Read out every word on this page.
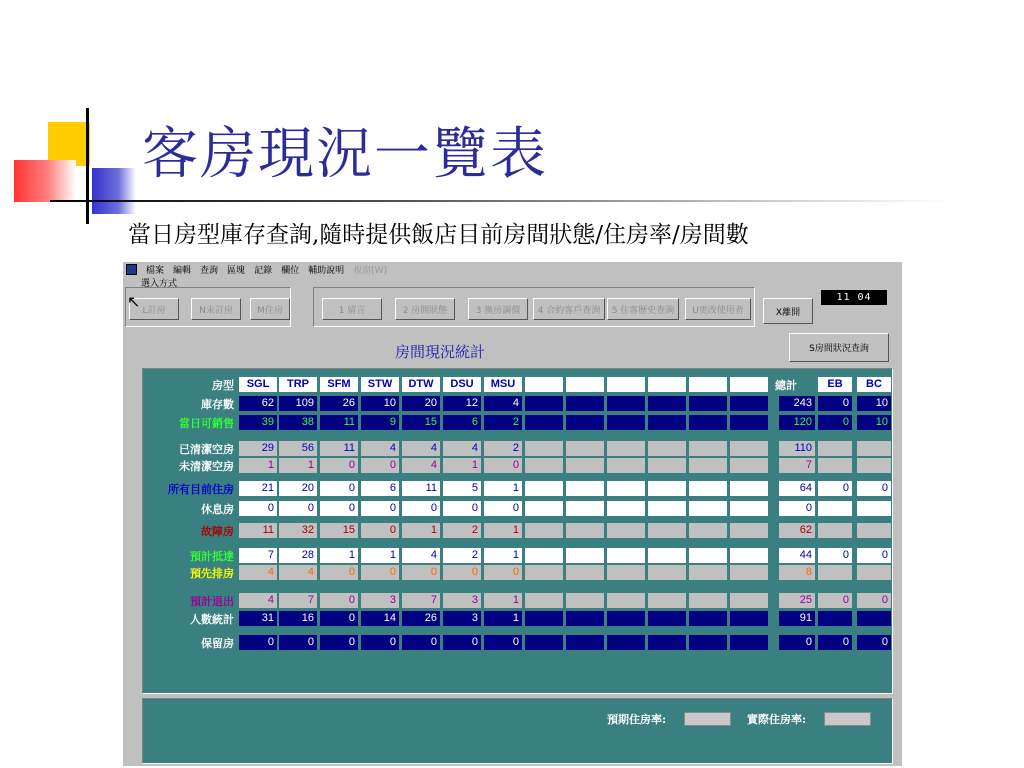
客房現況一覽表
當日房型庫存查詢,隨時提供飯店目前房間狀態/住房率/房間數
檔案 編輯 查詢 區塊 記錄 欄位 輔助說明 視窗[W]
選入方式
L訂房	N未訂房	M住房	1 留言	2 房間狀態	3 換房調價	4 合約客戶查詢	5 住客歷史查詢	U更改使用者	X離開
11 04
↖
房間現況統計	S房間狀況查詢
房型	SGL	TRP	SFM	STW	DTW	DSU	MSU	總計	EB	BC
庫存數	62	109	26	10	20	12	4	243	0	10
當日可銷售	39	38	11	9	15	6	2	120	0	10
已清潔空房	29	56	11	4	4	4	2	110
未清潔空房	1	1	0	0	4	1	0	7
所有目前住房	21	20	0	6	11	5	1	64	0	0
休息房	0	0	0	0	0	0	0	0
故障房	11	32	15	0	1	2	1	62
預計抵達	7	28	1	1	4	2	1	44	0	0
預先排房	4	4	0	0	0	0	0	8
預計退出	4	7	0	3	7	3	1	25	0	0
人數統計	31	16	0	14	26	3	1	91
保留房	0	0	0	0	0	0	0	0	0	0
預期住房率:	實際住房率:
